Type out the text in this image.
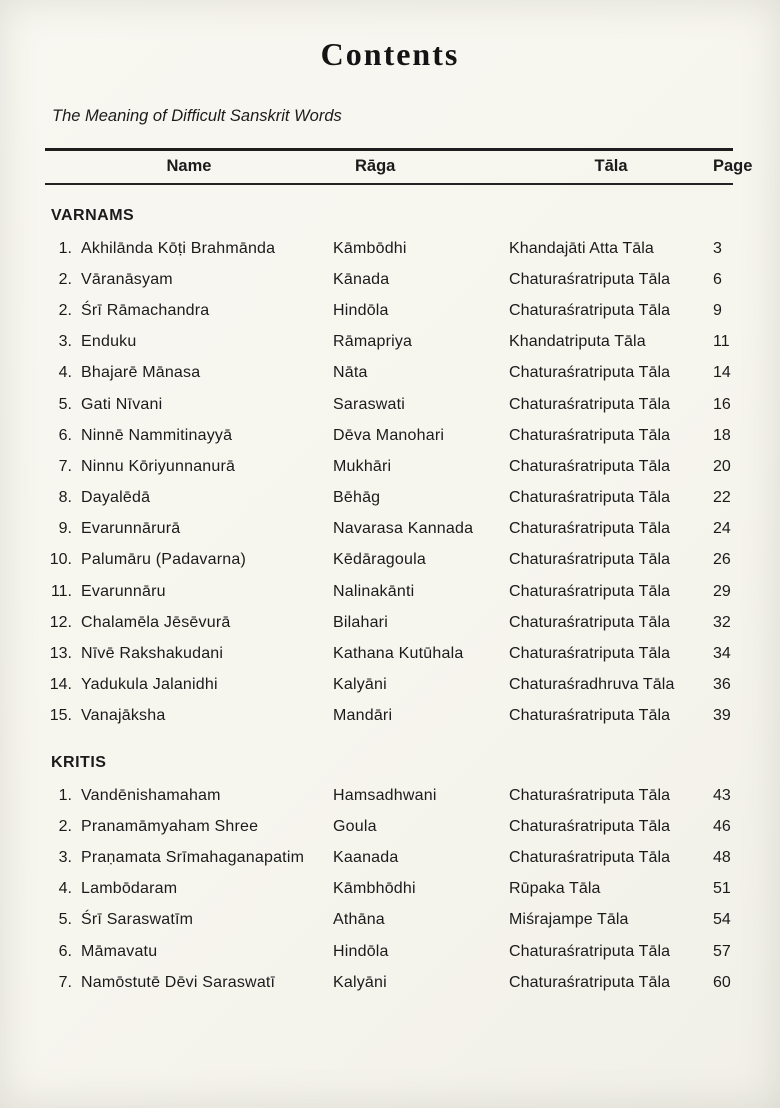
Contents
The Meaning of Difficult Sanskrit Words
Name	Rāga	Tāla	Page
VARNAMS
1. Akhilānda Kōṭi Brahmānda	Kāmbōdhi	Khandajāti Atta Tāla	3
2. Vāranāsyam	Kānada	Chaturaśratriputa Tāla	6
2. Śrī Rāmachandra	Hindōla	Chaturaśratriputa Tāla	9
3. Enduku	Rāmapriya	Khandatriputa Tāla	11
4. Bhajarē Mānasa	Nāta	Chaturaśratriputa Tāla	14
5. Gati Nīvani	Saraswati	Chaturaśratriputa Tāla	16
6. Ninnē Nammitinayyā	Dēva Manohari	Chaturaśratriputa Tāla	18
7. Ninnu Kōriyunnanurā	Mukhāri	Chaturaśratriputa Tāla	20
8. Dayalēdā	Bēhāg	Chaturaśratriputa Tāla	22
9. Evarunnārurā	Navarasa Kannada	Chaturaśratriputa Tāla	24
10. Palumāru (Padavarna)	Kēdāragoula	Chaturaśratriputa Tāla	26
11. Evarunnāru	Nalinakānti	Chaturaśratriputa Tāla	29
12. Chalamēla Jēsēvurā	Bilahari	Chaturaśratriputa Tāla	32
13. Nīvē Rakshakudani	Kathana Kutūhala	Chaturaśratriputa Tāla	34
14. Yadukula Jalanidhi	Kalyāni	Chaturaśradhruva Tāla	36
15. Vanajāksha	Mandāri	Chaturaśratriputa Tāla	39
KRITIS
1. Vandēnishamaham	Hamsadhwani	Chaturaśratriputa Tāla	43
2. Pranamāmyaham Shree	Goula	Chaturaśratriputa Tāla	46
3. Praṇamata Srīmahaganapatim	Kaanada	Chaturaśratriputa Tāla	48
4. Lambōdaram	Kāmbhōdhi	Rūpaka Tāla	51
5. Śrī Saraswatīm	Athāna	Miśrajampe Tāla	54
6. Māmavatu	Hindōla	Chaturaśratriputa Tāla	57
7. Namōstutē Dēvi Saraswatī	Kalyāni	Chaturaśratriputa Tāla	60
